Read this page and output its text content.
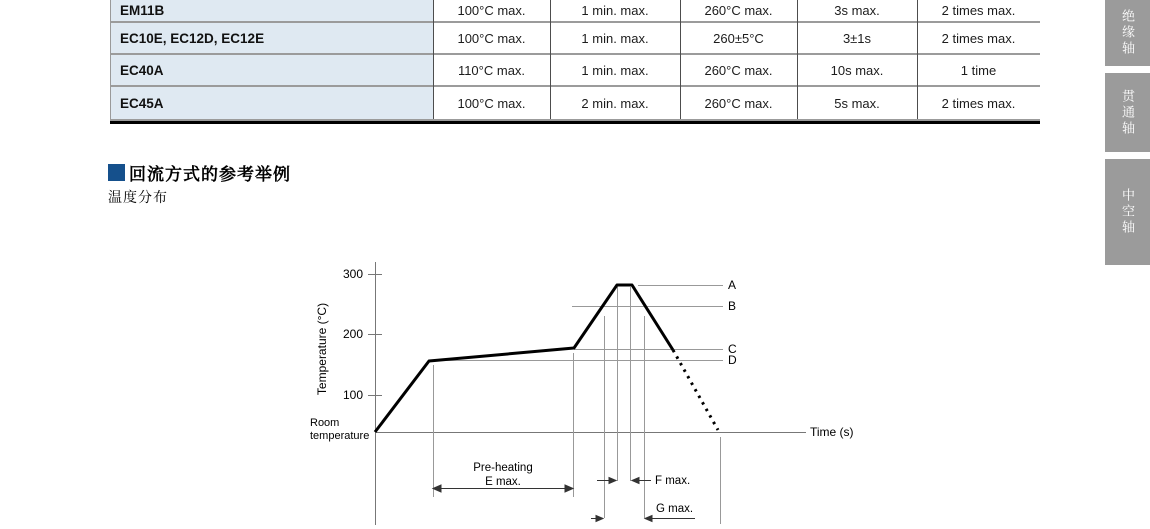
EM11B	100°C max.	1 min. max.	260°C max.	3s max.	2 times max.
EC10E, EC12D, EC12E	100°C max.	1 min. max.	260±5°C	3±1s	2 times max.
EC40A	110°C max.	1 min. max.	260°C max.	10s max.	1 time
EC45A	100°C max.	2 min. max.	260°C max.	5s max.	2 times max.
回流方式的参考举例
温度分布
300
200
100
Temperature (°C)
Room
temperature	Time (s)
A
B
C
D
Pre-heating
E max.	F max.
G max.
绝缘轴
贯通轴
中空轴
